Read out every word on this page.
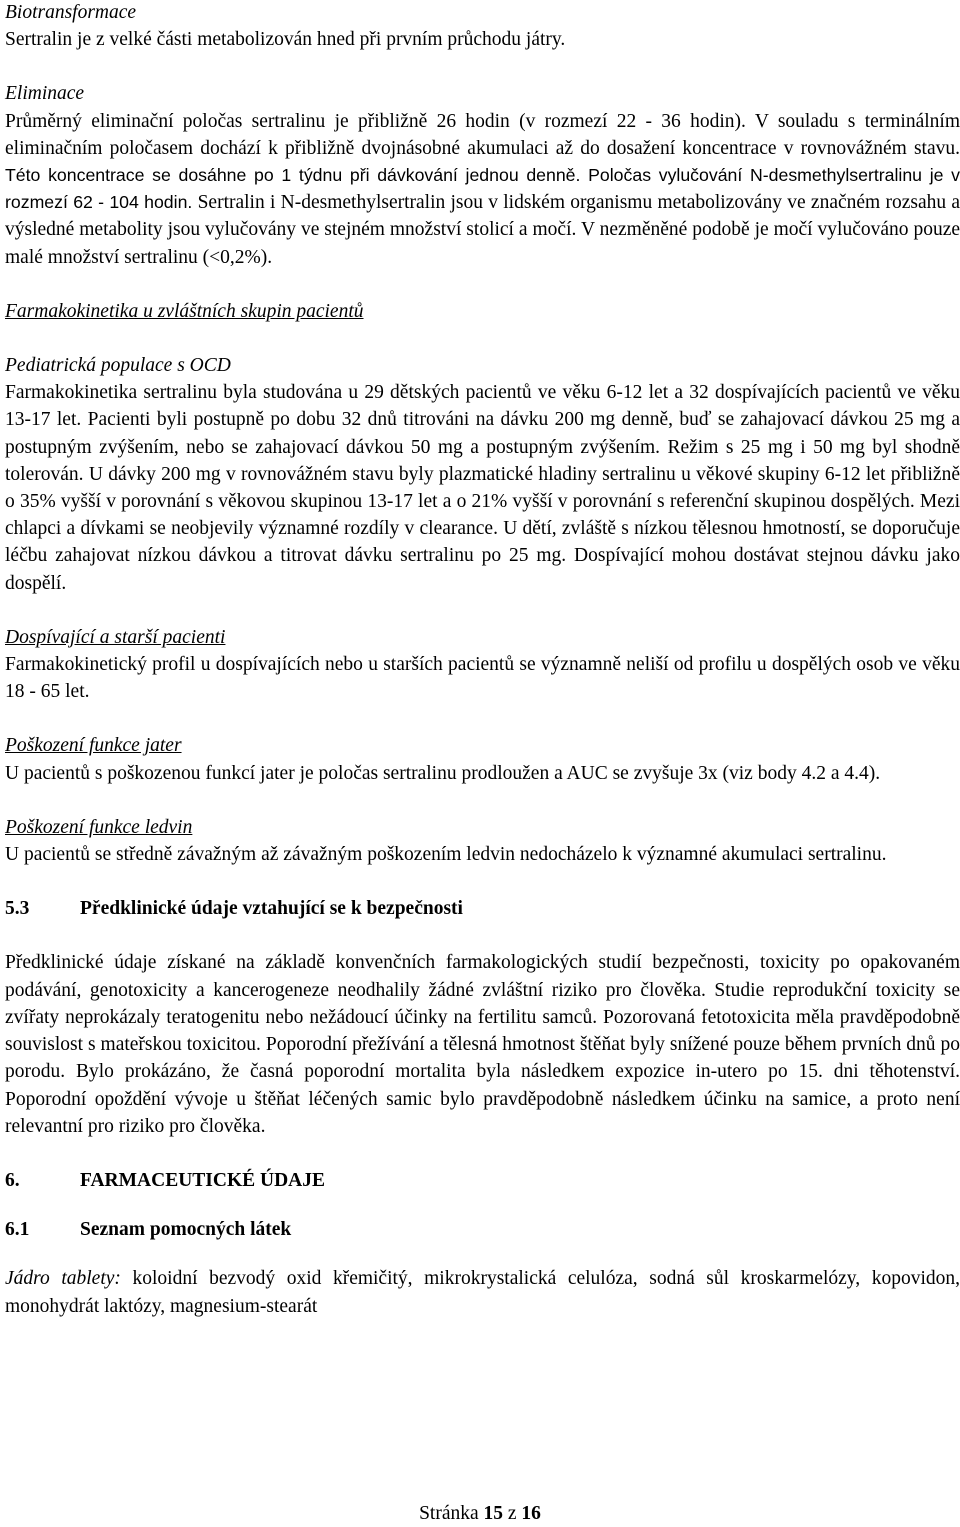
Biotransformace

Sertralin je z velké části metabolizován hned při prvním průchodu játry.

Eliminace

Průměrný eliminační poločas sertralinu je přibližně 26 hodin (v rozmezí 22 - 36 hodin). V souladu s terminálním eliminačním poločasem dochází k přibližně dvojnásobné akumulaci až do dosažení koncentrace v rovnovážném stavu. Této koncentrace se dosáhne po 1 týdnu při dávkování jednou denně. Poločas vylučování N-desmethylsertralinu je v rozmezí 62 - 104 hodin. Sertralin i N-desmethylsertralin jsou v lidském organismu metabolizovány ve značném rozsahu a výsledné metabolity jsou vylučovány ve stejném množství stolicí a močí. V nezměněné podobě je močí vylučováno pouze malé množství sertralinu (<0,2%).

Farmakokinetika u zvláštních skupin pacientů

Pediatrická populace s OCD

Farmakokinetika sertralinu byla studována u 29 dětských pacientů ve věku 6-12 let a 32 dospívajících pacientů ve věku 13-17 let. Pacienti byli postupně po dobu 32 dnů titrováni na dávku 200 mg denně, buď se zahajovací dávkou 25 mg a postupným zvýšením, nebo se zahajovací dávkou 50 mg a postupným zvýšením. Režim s 25 mg i 50 mg byl shodně tolerován. U dávky 200 mg v rovnovážném stavu byly plazmatické hladiny sertralinu u věkové skupiny 6-12 let přibližně o 35% vyšší v porovnání s věkovou skupinou 13-17 let a o 21% vyšší v porovnání s referenční skupinou dospělých. Mezi chlapci a dívkami se neobjevily významné rozdíly v clearance. U dětí, zvláště s nízkou tělesnou hmotností, se doporučuje léčbu zahajovat nízkou dávkou a titrovat dávku sertralinu po 25 mg. Dospívající mohou dostávat stejnou dávku jako dospělí.

Dospívající a starší pacienti

Farmakokinetický profil u dospívajících nebo u starších pacientů se významně neliší od profilu u dospělých osob ve věku 18 - 65 let.

Poškození funkce jater

U pacientů s poškozenou funkcí jater je poločas sertralinu prodloužen a AUC se zvyšuje 3x (viz body 4.2 a 4.4).

Poškození funkce ledvin

U pacientů se středně závažným až závažným poškozením ledvin nedocházelo k významné akumulaci sertralinu.

5.3	Předklinické údaje vztahující se k bezpečnosti

Předklinické údaje získané na základě konvenčních farmakologických studií bezpečnosti, toxicity po opakovaném podávání, genotoxicity a kancerogeneze neodhalily žádné zvláštní riziko pro člověka. Studie reprodukční toxicity se zvířaty neprokázaly teratogenitu nebo nežádoucí účinky na fertilitu samců. Pozorovaná fetotoxicita měla pravděpodobně souvislost s mateřskou toxicitou. Poporodní přežívání a tělesná hmotnost štěňat byly snížené pouze během prvních dnů po porodu. Bylo prokázáno, že časná poporodní mortalita byla následkem expozice in-utero po 15. dni těhotenství. Poporodní opoždění vývoje u štěňat léčených samic bylo pravděpodobně následkem účinku na samice, a proto není relevantní pro riziko pro člověka.

6.	FARMACEUTICKÉ ÚDAJE
6.1	Seznam pomocných látek

Jádro tablety: koloidní bezvodý oxid křemičitý, mikrokrystalická celulóza, sodná sůl kroskarmelózy, kopovidon, monohydrát laktózy, magnesium-stearát

Stránka 15 z 16
